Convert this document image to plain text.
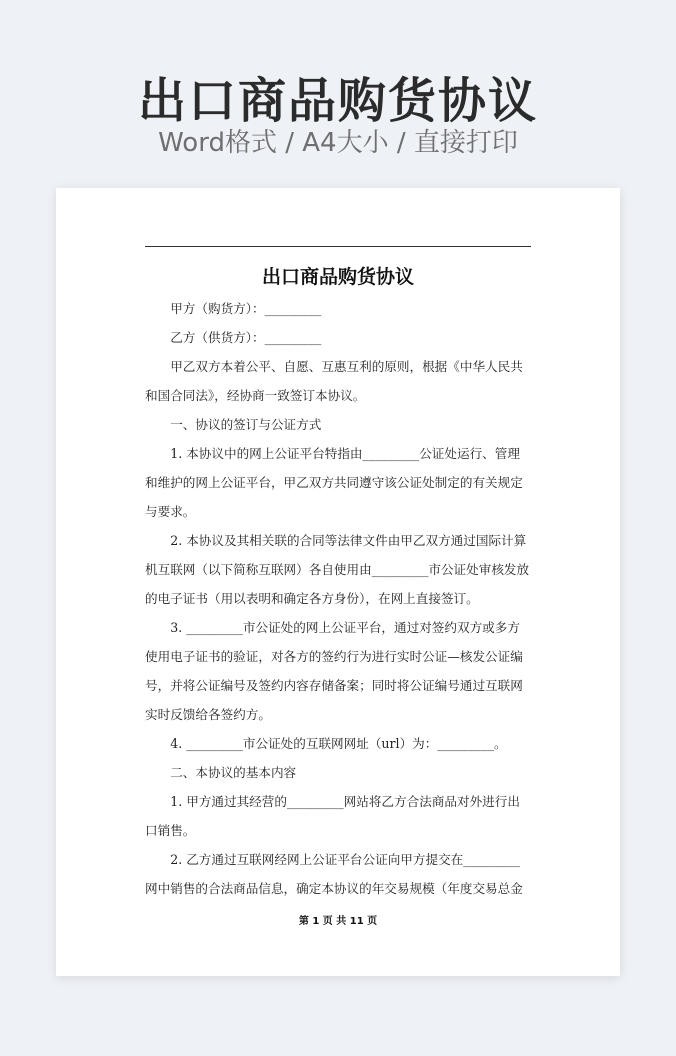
出口商品购货协议
Word格式 / A4大小 / 直接打印
出口商品购货协议

甲方（购货方）：_________

乙方（供货方）：_________

甲乙双方本着公平、自愿、互惠互利的原则，根据《中华人民共和国合同法》，经协商一致签订本协议。

一、协议的签订与公证方式

1. 本协议中的网上公证平台特指由_________公证处运行、管理和维护的网上公证平台，甲乙双方共同遵守该公证处制定的有关规定与要求。

2. 本协议及其相关联的合同等法律文件由甲乙双方通过国际计算机互联网（以下简称互联网）各自使用由_________市公证处审核发放的电子证书（用以表明和确定各方身份），在网上直接签订。

3. _________市公证处的网上公证平台，通过对签约双方或多方使用电子证书的验证，对各方的签约行为进行实时公证—核发公证编号，并将公证编号及签约内容存储备案；同时将公证编号通过互联网实时反馈给各签约方。

4. _________市公证处的互联网网址（url）为：_________。

二、本协议的基本内容

1. 甲方通过其经营的_________网站将乙方合法商品对外进行出口销售。

2. 乙方通过互联网经网上公证平台公证向甲方提交在_________网中销售的合法商品信息，确定本协议的年交易规模（年度交易总金

第 1 页 共 11 页
